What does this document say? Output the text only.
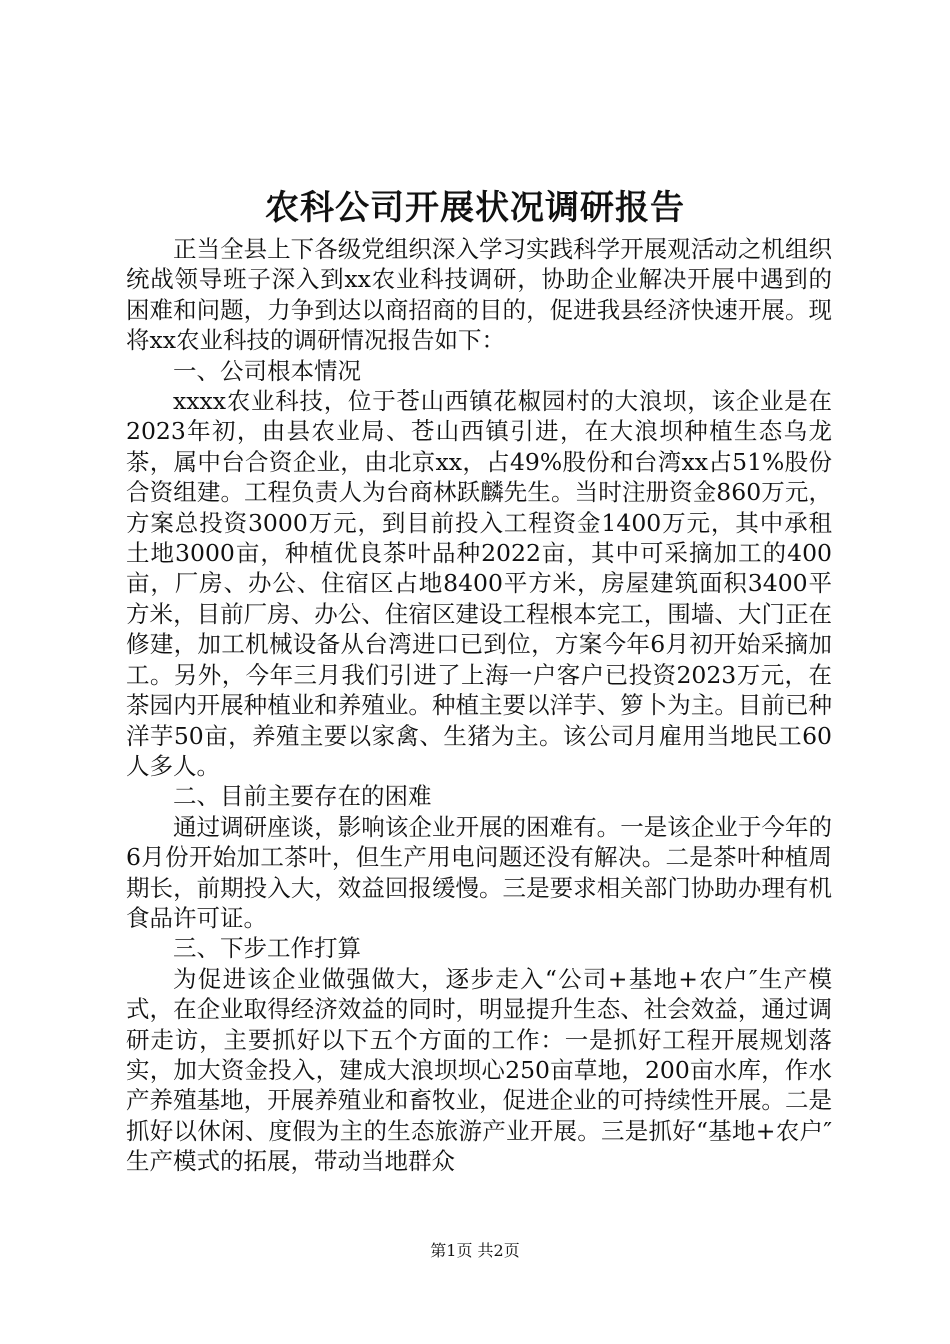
农科公司开展状况调研报告

正当全县上下各级党组织深入学习实践科学开展观活动之机组织统战领导班子深入到xx农业科技调研，协助企业解决开展中遇到的困难和问题，力争到达以商招商的目的，促进我县经济快速开展。现将xx农业科技的调研情况报告如下：

一、公司根本情况

xxxx农业科技，位于苍山西镇花椒园村的大浪坝，该企业是在2023年初，由县农业局、苍山西镇引进，在大浪坝种植生态乌龙茶，属中台合资企业，由北京xx，占49%股份和台湾xx占51%股份合资组建。工程负责人为台商林跃麟先生。当时注册资金860万元，方案总投资3000万元，到目前投入工程资金1400万元，其中承租土地3000亩，种植优良茶叶品种2022亩，其中可采摘加工的400亩，厂房、办公、住宿区占地8400平方米，房屋建筑面积3400平方米，目前厂房、办公、住宿区建设工程根本完工，围墙、大门正在修建，加工机械设备从台湾进口已到位，方案今年6月初开始采摘加工。另外，今年三月我们引进了上海一户客户已投资2023万元，在茶园内开展种植业和养殖业。种植主要以洋芋、箩卜为主。目前已种洋芋50亩，养殖主要以家禽、生猪为主。该公司月雇用当地民工60人多人。

二、目前主要存在的困难

通过调研座谈，影响该企业开展的困难有。一是该企业于今年的6月份开始加工茶叶，但生产用电问题还没有解决。二是茶叶种植周期长，前期投入大，效益回报缓慢。三是要求相关部门协助办理有机食品许可证。

三、下步工作打算

为促进该企业做强做大，逐步走入“公司+基地+农户″生产模式，在企业取得经济效益的同时，明显提升生态、社会效益，通过调研走访，主要抓好以下五个方面的工作：一是抓好工程开展规划落实，加大资金投入，建成大浪坝坝心250亩草地，200亩水库，作水产养殖基地，开展养殖业和畜牧业，促进企业的可持续性开展。二是抓好以休闲、度假为主的生态旅游产业开展。三是抓好“基地+农户″生产模式的拓展，带动当地群众

第1页 共2页
